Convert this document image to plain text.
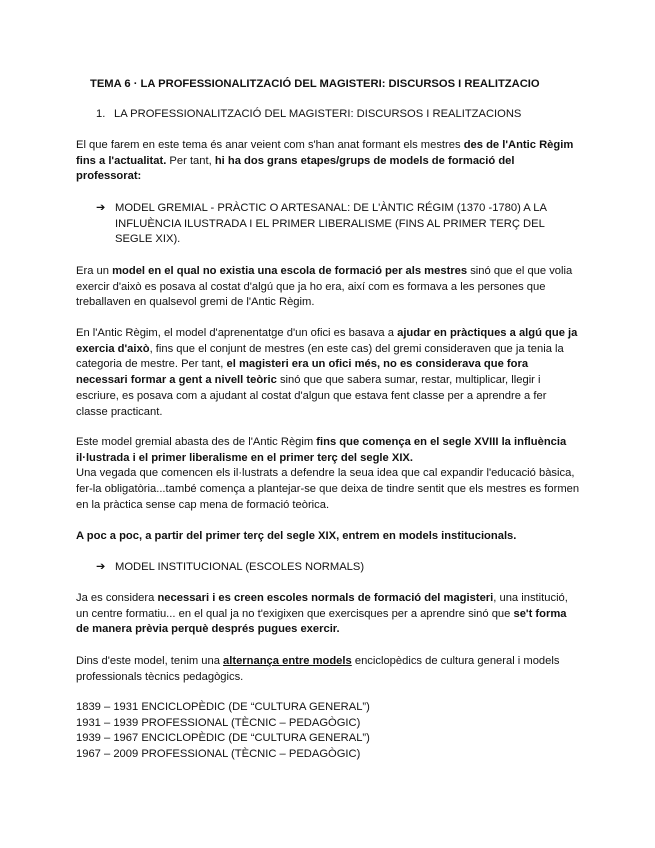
TEMA 6 · LA PROFESSIONALITZACIÓ DEL MAGISTERI: DISCURSOS I REALITZACIO
1. LA PROFESSIONALITZACIÓ DEL MAGISTERI: DISCURSOS I REALITZACIONS

El que farem en este tema és anar veient com s'han anat formant els mestres des de l'Antic Règim fins a l'actualitat. Per tant, hi ha dos grans etapes/grups de models de formació del professorat:

➔ MODEL GREMIAL - PRÀCTIC O ARTESANAL: DE L'ÀNTIC RÉGIM (1370 -1780) A LA INFLUÈNCIA ILUSTRADA I EL PRIMER LIBERALISME (FINS AL PRIMER TERÇ DEL SEGLE XIX).

Era un model en el qual no existia una escola de formació per als mestres sinó que el que volia exercir d'això es posava al costat d'algú que ja ho era, així com es formava a les persones que treballaven en qualsevol gremi de l'Antic Règim.

En l'Antic Règim, el model d'aprenentatge d'un ofici es basava a ajudar en pràctiques a algú que ja exercia d'això, fins que el conjunt de mestres (en este cas) del gremi consideraven que ja tenia la categoria de mestre. Per tant, el magisteri era un ofici més, no es considerava que fora necessari formar a gent a nivell teòric sinó que que sabera sumar, restar, multiplicar, llegir i escriure, es posava com a ajudant al costat d'algun que estava fent classe per a aprendre a fer classe practicant.

Este model gremial abasta des de l'Antic Règim fins que comença en el segle XVIII la influència il·lustrada i el primer liberalisme en el primer terç del segle XIX.
Una vegada que comencen els il·lustrats a defendre la seua idea que cal expandir l'educació bàsica, fer-la obligatòria...també comença a plantejar-se que deixa de tindre sentit que els mestres es formen en la pràctica sense cap mena de formació teòrica.

A poc a poc, a partir del primer terç del segle XIX, entrem en models institucionals.

➔ MODEL INSTITUCIONAL (ESCOLES NORMALS)

Ja es considera necessari i es creen escoles normals de formació del magisteri, una institució, un centre formatiu... en el qual ja no t'exigixen que exercisques per a aprendre sinó que se't forma de manera prèvia perquè després pugues exercir.

Dins d'este model, tenim una alternança entre models enciclopèdics de cultura general i models professionals tècnics pedagògics.

1839 – 1931 ENCICLOPÈDIC (DE “CULTURA GENERAL”)
1931 – 1939 PROFESSIONAL (TÈCNIC – PEDAGÒGIC)
1939 – 1967 ENCICLOPÈDIC (DE “CULTURA GENERAL”)
1967 – 2009 PROFESSIONAL (TÈCNIC – PEDAGÒGIC)
